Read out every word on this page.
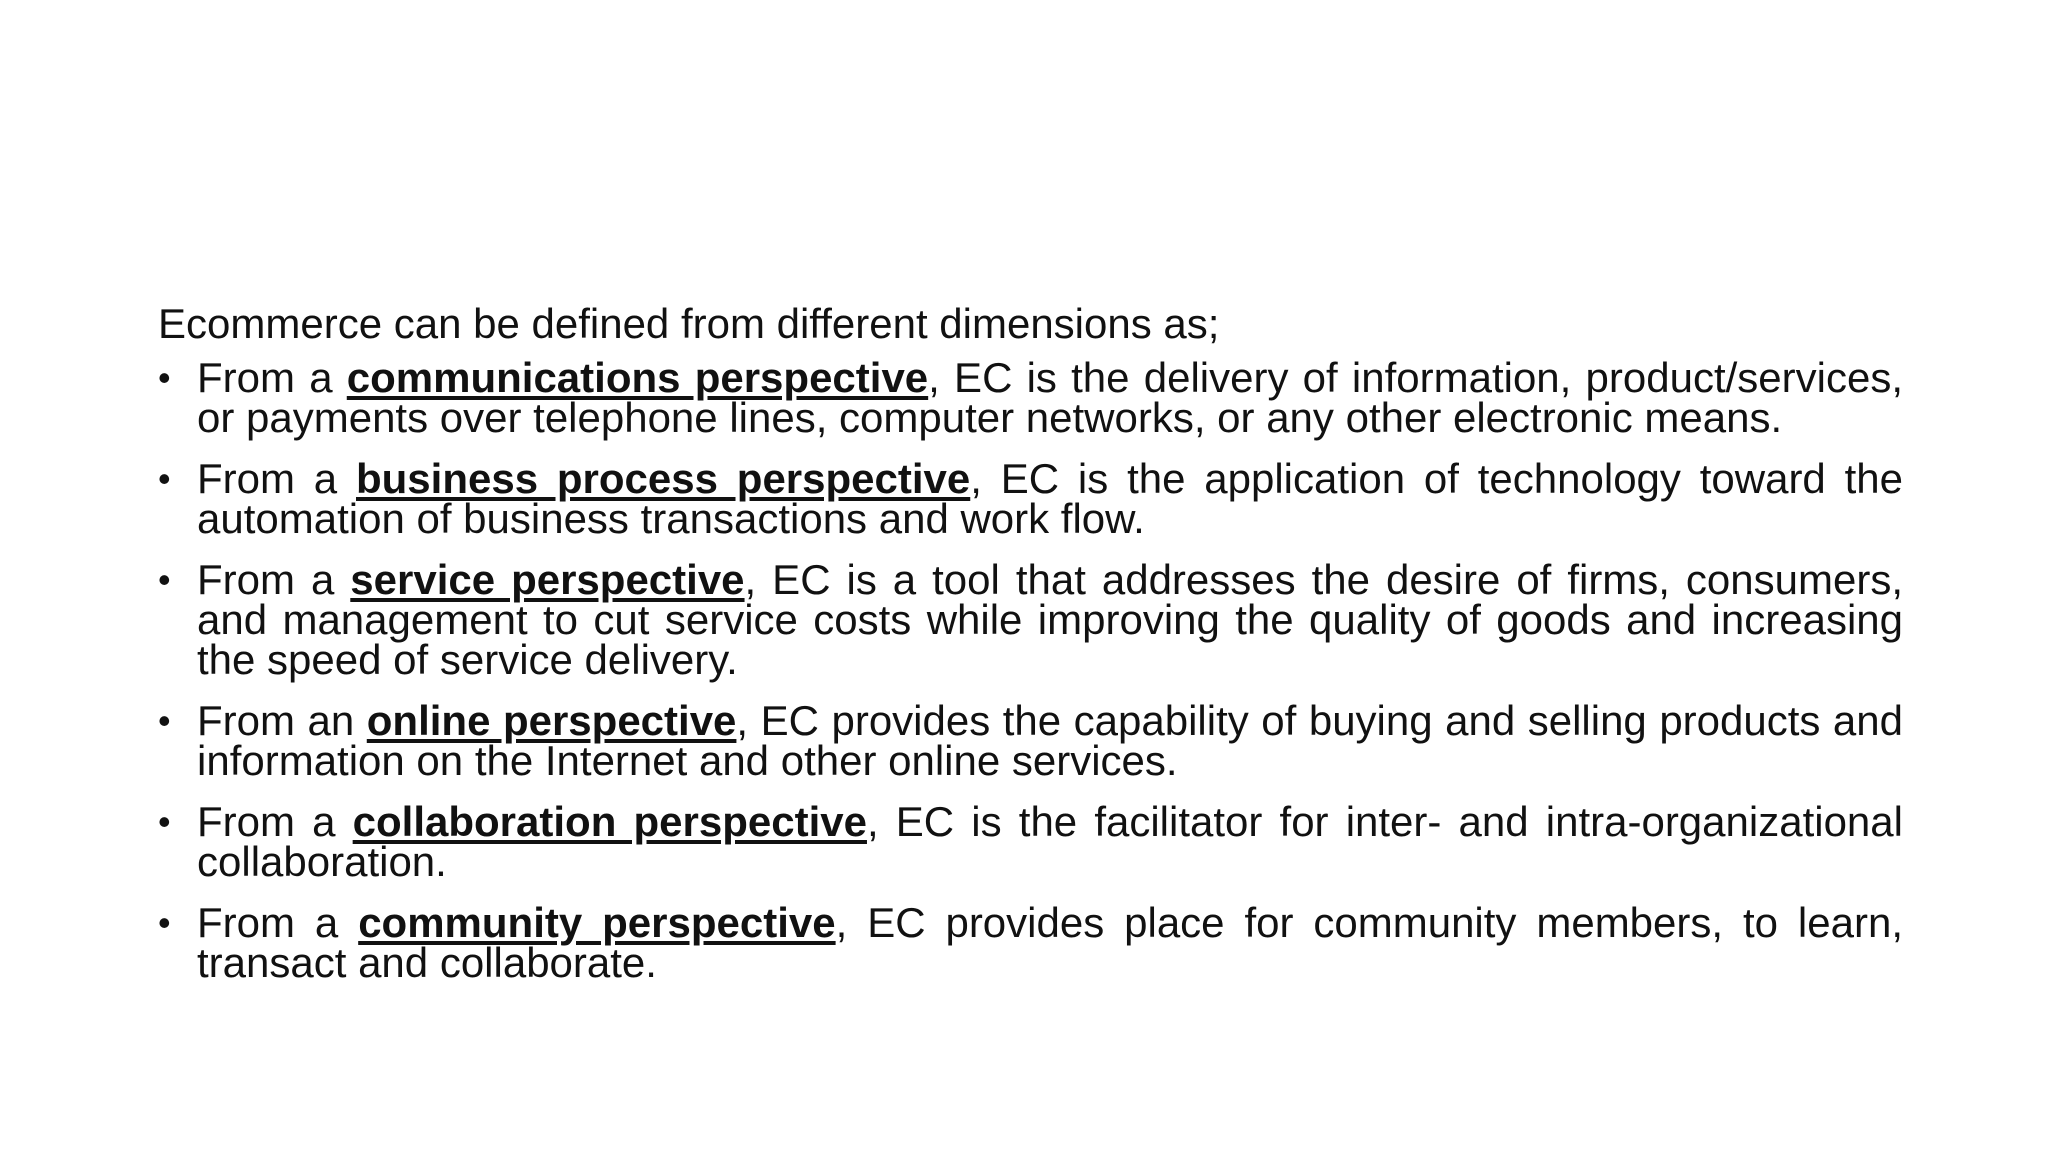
Ecommerce can be defined from different dimensions as;

• From a communications perspective, EC is the delivery of information, product/services, or payments over telephone lines, computer networks, or any other electronic means.
• From a business process perspective, EC is the application of technology toward the automation of business transactions and work flow.
• From a service perspective, EC is a tool that addresses the desire of firms, consumers, and management to cut service costs while improving the quality of goods and increasing the speed of service delivery.
• From an online perspective, EC provides the capability of buying and selling products and information on the Internet and other online services.
• From a collaboration perspective, EC is the facilitator for inter- and intra-organizational collaboration.
• From a community perspective, EC provides place for community members, to learn, transact and collaborate.
